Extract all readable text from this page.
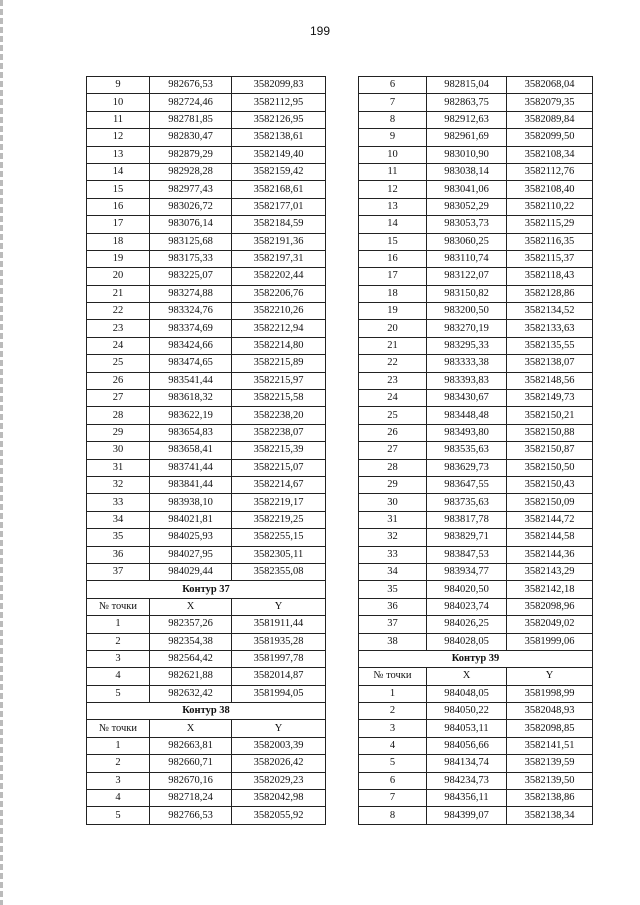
199
9	982676,53	3582099,83
10	982724,46	3582112,95
11	982781,85	3582126,95
12	982830,47	3582138,61
13	982879,29	3582149,40
14	982928,28	3582159,42
15	982977,43	3582168,61
16	983026,72	3582177,01
17	983076,14	3582184,59
18	983125,68	3582191,36
19	983175,33	3582197,31
20	983225,07	3582202,44
21	983274,88	3582206,76
22	983324,76	3582210,26
23	983374,69	3582212,94
24	983424,66	3582214,80
25	983474,65	3582215,89
26	983541,44	3582215,97
27	983618,32	3582215,58
28	983622,19	3582238,20
29	983654,83	3582238,07
30	983658,41	3582215,39
31	983741,44	3582215,07
32	983841,44	3582214,67
33	983938,10	3582219,17
34	984021,81	3582219,25
35	984025,93	3582255,15
36	984027,95	3582305,11
37	984029,44	3582355,08
Контур 37		
№ точки	X	Y
1	982357,26	3581911,44
2	982354,38	3581935,28
3	982564,42	3581997,78
4	982621,88	3582014,87
5	982632,42	3581994,05
Контур 38		
№ точки	X	Y
1	982663,81	3582003,39
2	982660,71	3582026,42
3	982670,16	3582029,23
4	982718,24	3582042,98
5	982766,53	3582055,92
6	982815,04	3582068,04
7	982863,75	3582079,35
8	982912,63	3582089,84
9	982961,69	3582099,50
10	983010,90	3582108,34
11	983038,14	3582112,76
12	983041,06	3582108,40
13	983052,29	3582110,22
14	983053,73	3582115,29
15	983060,25	3582116,35
16	983110,74	3582115,37
17	983122,07	3582118,43
18	983150,82	3582128,86
19	983200,50	3582134,52
20	983270,19	3582133,63
21	983295,33	3582135,55
22	983333,38	3582138,07
23	983393,83	3582148,56
24	983430,67	3582149,73
25	983448,48	3582150,21
26	983493,80	3582150,88
27	983535,63	3582150,87
28	983629,73	3582150,50
29	983647,55	3582150,43
30	983735,63	3582150,09
31	983817,78	3582144,72
32	983829,71	3582144,58
33	983847,53	3582144,36
34	983934,77	3582143,29
35	984020,50	3582142,18
36	984023,74	3582098,96
37	984026,25	3582049,02
38	984028,05	3581999,06
Контур 39		
№ точки	X	Y
1	984048,05	3581998,99
2	984050,22	3582048,93
3	984053,11	3582098,85
4	984056,66	3582141,51
5	984134,74	3582139,59
6	984234,73	3582139,50
7	984356,11	3582138,86
8	984399,07	3582138,34
